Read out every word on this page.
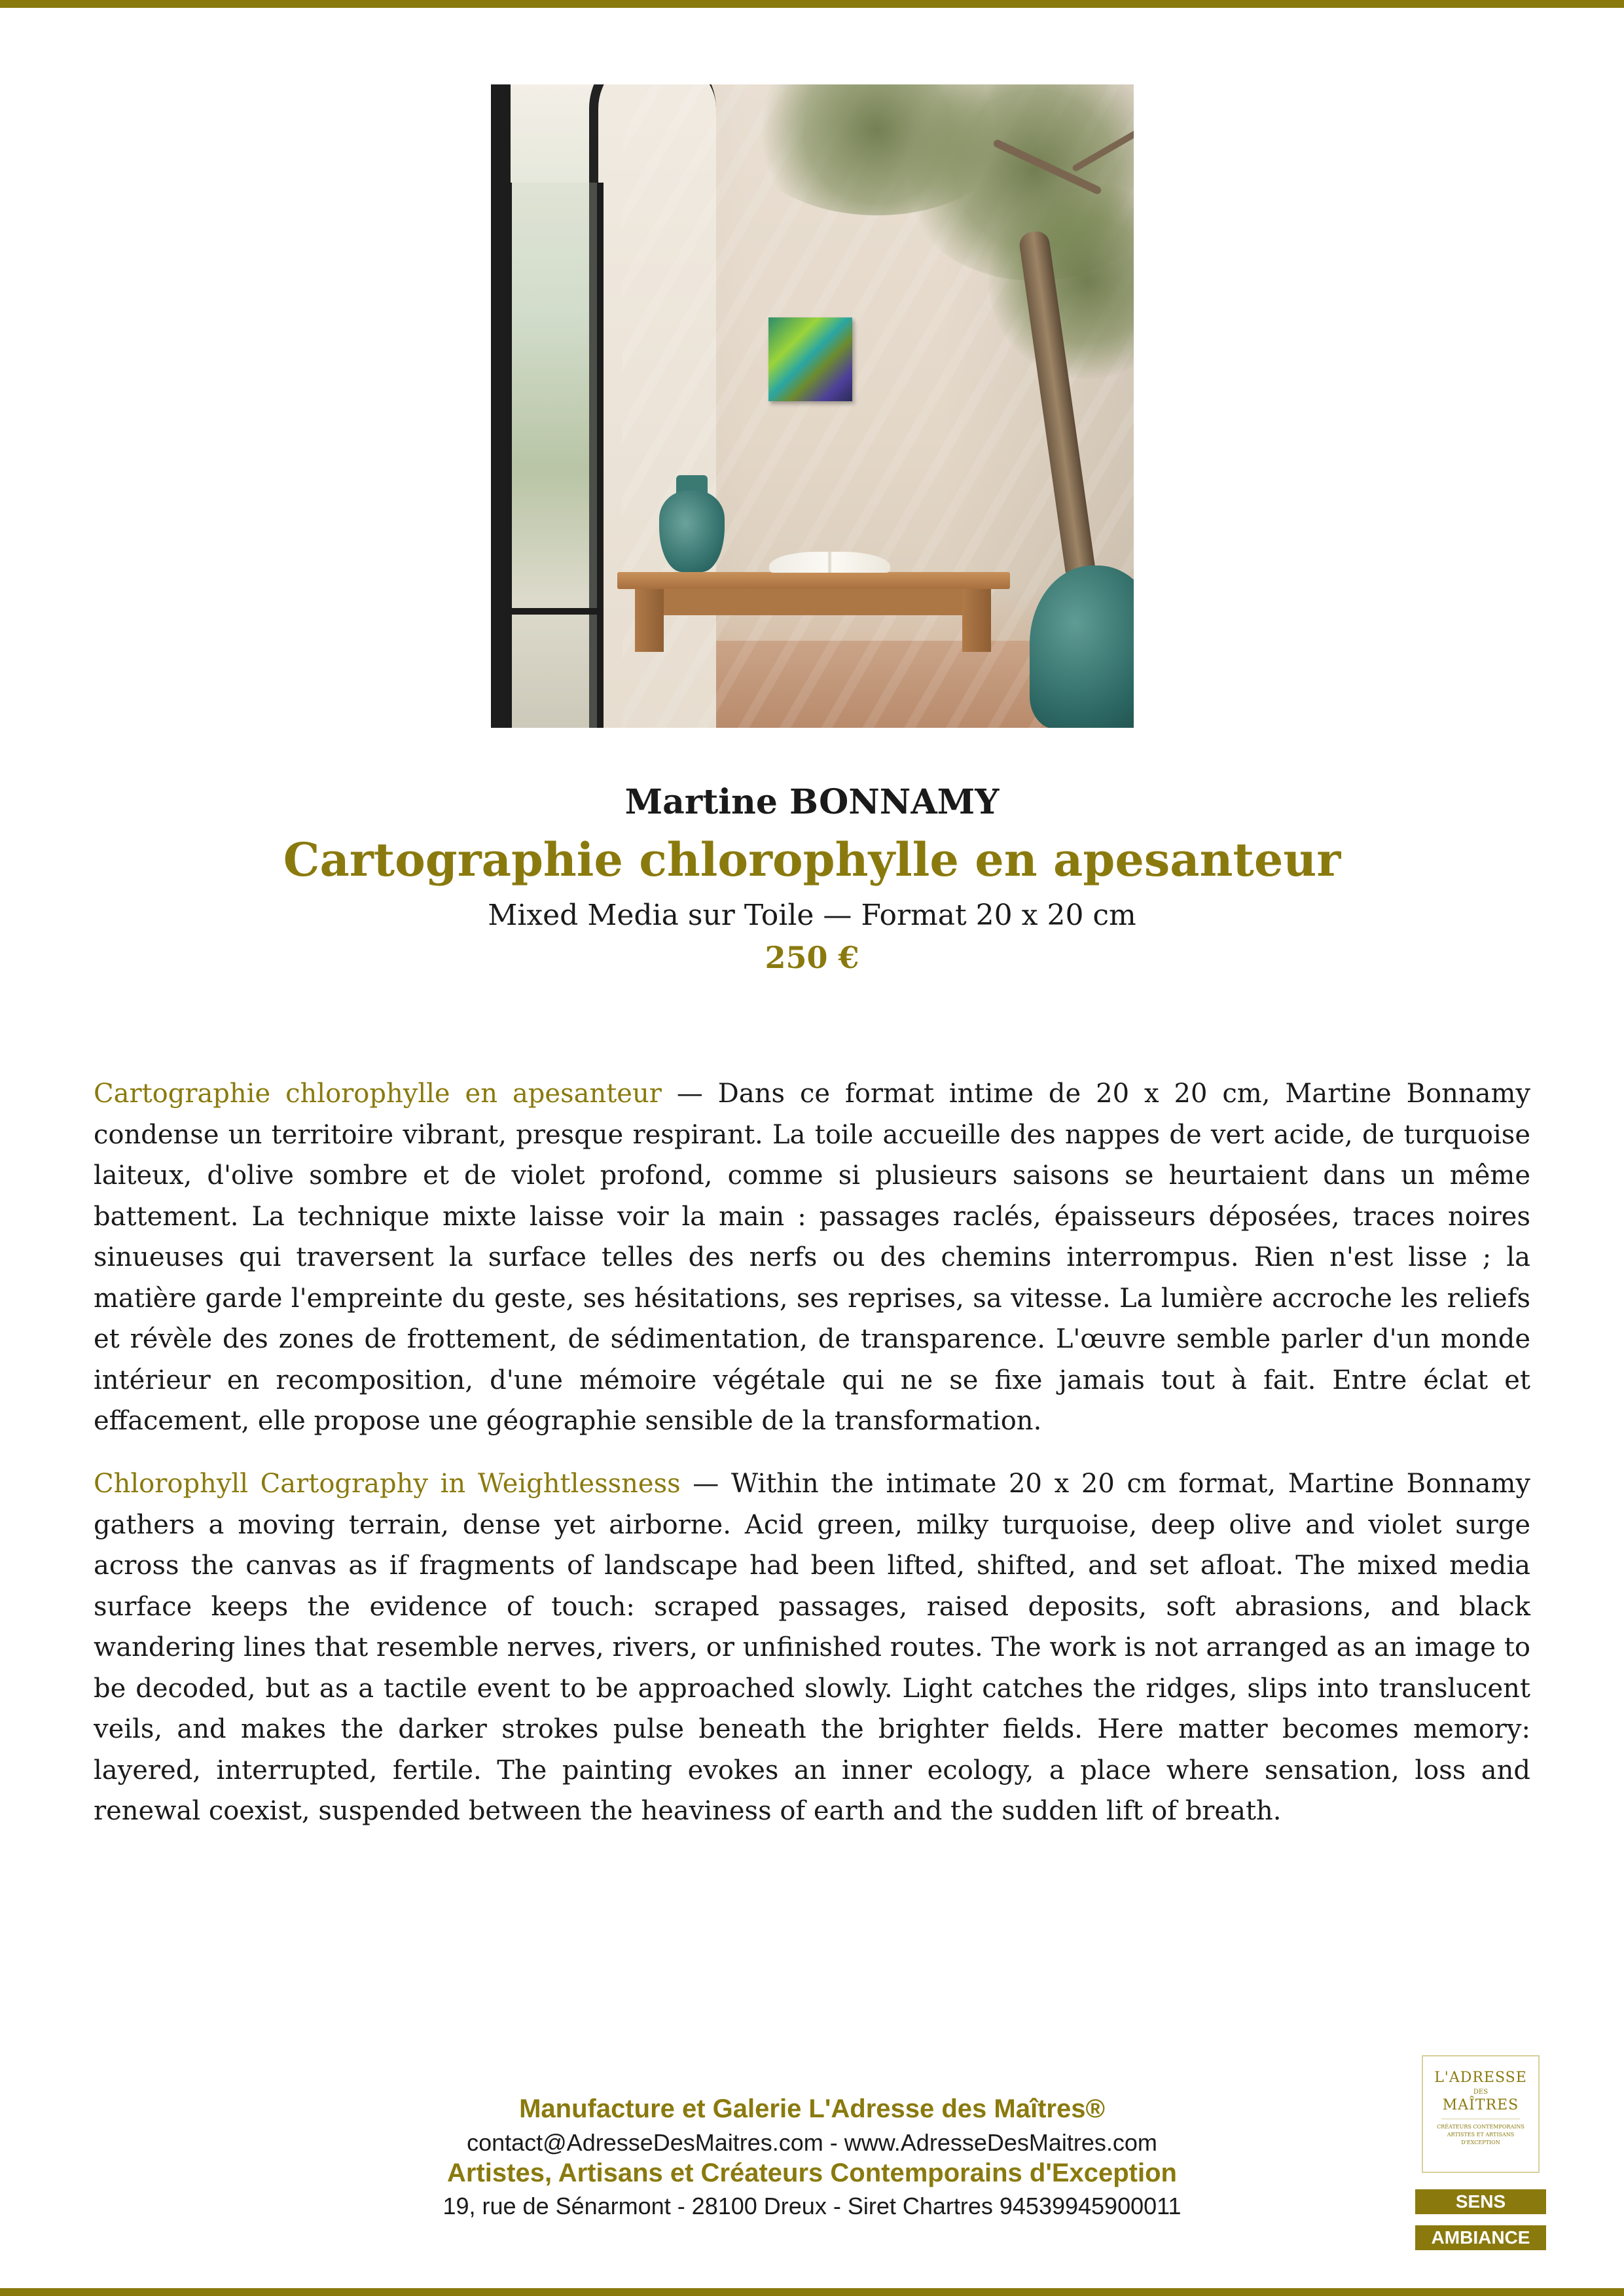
Martine BONNAMY
Cartographie chlorophylle en apesanteur
Mixed Media sur Toile — Format 20 x 20 cm
250 €

Cartographie chlorophylle en apesanteur — Dans ce format intime de 20 x 20 cm, Martine Bonnamy condense un territoire vibrant, presque respirant. La toile accueille des nappes de vert acide, de turquoise laiteux, d'olive sombre et de violet profond, comme si plusieurs saisons se heurtaient dans un même battement. La technique mixte laisse voir la main : passages raclés, épaisseurs déposées, traces noires sinueuses qui traversent la surface telles des nerfs ou des chemins interrompus. Rien n'est lisse ; la matière garde l'empreinte du geste, ses hésitations, ses reprises, sa vitesse. La lumière accroche les reliefs et révèle des zones de frottement, de sédimentation, de transparence. L'œuvre semble parler d'un monde intérieur en recomposition, d'une mémoire végétale qui ne se fixe jamais tout à fait. Entre éclat et effacement, elle propose une géographie sensible de la transformation.

Chlorophyll Cartography in Weightlessness — Within the intimate 20 x 20 cm format, Martine Bonnamy gathers a moving terrain, dense yet airborne. Acid green, milky turquoise, deep olive and violet surge across the canvas as if fragments of landscape had been lifted, shifted, and set afloat. The mixed media surface keeps the evidence of touch: scraped passages, raised deposits, soft abrasions, and black wandering lines that resemble nerves, rivers, or unfinished routes. The work is not arranged as an image to be decoded, but as a tactile event to be approached slowly. Light catches the ridges, slips into translucent veils, and makes the darker strokes pulse beneath the brighter fields. Here matter becomes memory: layered, interrupted, fertile. The painting evokes an inner ecology, a place where sensation, loss and renewal coexist, suspended between the heaviness of earth and the sudden lift of breath.

Manufacture et Galerie L'Adresse des Maîtres®
contact@AdresseDesMaitres.com - www.AdresseDesMaitres.com
Artistes, Artisans et Créateurs Contemporains d'Exception
19, rue de Sénarmont - 28100 Dreux - Siret Chartres 94539945900011
L'ADRESSE
DES
MAÎTRES
CRÉATEURS CONTEMPORAINS ARTISTES ET ARTISANS D'EXCEPTION
SENS
AMBIANCE
